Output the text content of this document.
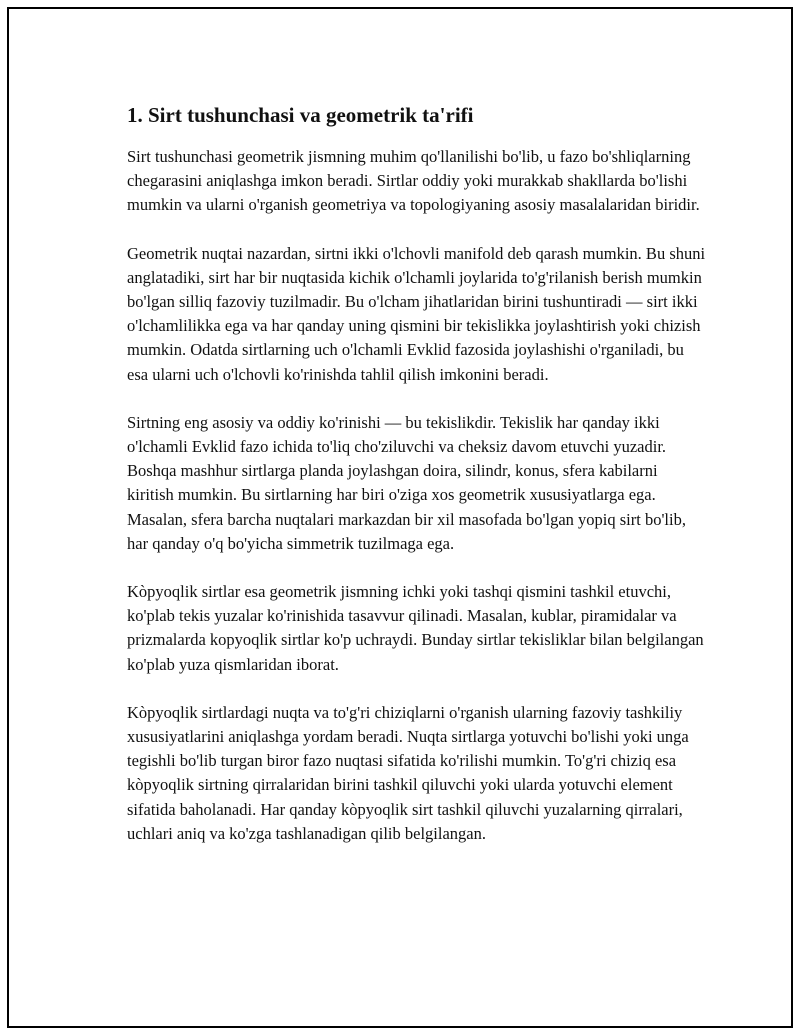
1. Sirt tushunchasi va geometrik ta'rifi

Sirt tushunchasi geometrik jismning muhim qo'llanilishi bo'lib, u fazo bo'shliqlarning chegarasini aniqlashga imkon beradi. Sirtlar oddiy yoki murakkab shakllarda bo'lishi mumkin va ularni o'rganish geometriya va topologiyaning asosiy masalalaridan biridir.

Geometrik nuqtai nazardan, sirtni ikki o'lchovli manifold deb qarash mumkin. Bu shuni anglatadiki, sirt har bir nuqtasida kichik o'lchamli joylarida to'g'rilanish berish mumkin bo'lgan silliq fazoviy tuzilmadir. Bu o'lcham jihatlaridan birini tushuntiradi — sirt ikki o'lchamlilikka ega va har qanday uning qismini bir tekislikka joylashtirish yoki chizish mumkin. Odatda sirtlarning uch o'lchamli Evklid fazosida joylashishi o'rganiladi, bu esa ularni uch o'lchovli ko'rinishda tahlil qilish imkonini beradi.

Sirtning eng asosiy va oddiy ko'rinishi — bu tekislikdir. Tekislik har qanday ikki o'lchamli Evklid fazo ichida to'liq cho'ziluvchi va cheksiz davom etuvchi yuzadir. Boshqa mashhur sirtlarga planda joylashgan doira, silindr, konus, sfera kabilarni kiritish mumkin. Bu sirtlarning har biri o'ziga xos geometrik xususiyatlarga ega. Masalan, sfera barcha nuqtalari markazdan bir xil masofada bo'lgan yopiq sirt bo'lib, har qanday o'q bo'yicha simmetrik tuzilmaga ega.

Kòpyoqlik sirtlar esa geometrik jismning ichki yoki tashqi qismini tashkil etuvchi, ko'plab tekis yuzalar ko'rinishida tasavvur qilinadi. Masalan, kublar, piramidalar va prizmalarda kopyoqlik sirtlar ko'p uchraydi. Bunday sirtlar tekisliklar bilan belgilangan ko'plab yuza qismlaridan iborat.

Kòpyoqlik sirtlardagi nuqta va to'g'ri chiziqlarni o'rganish ularning fazoviy tashkiliy xususiyatlarini aniqlashga yordam beradi. Nuqta sirtlarga yotuvchi bo'lishi yoki unga tegishli bo'lib turgan biror fazo nuqtasi sifatida ko'rilishi mumkin. To'g'ri chiziq esa kòpyoqlik sirtning qirralaridan birini tashkil qiluvchi yoki ularda yotuvchi element sifatida baholanadi. Har qanday kòpyoqlik sirt tashkil qiluvchi yuzalarning qirralari, uchlari aniq va ko'zga tashlanadigan qilib belgilangan.
